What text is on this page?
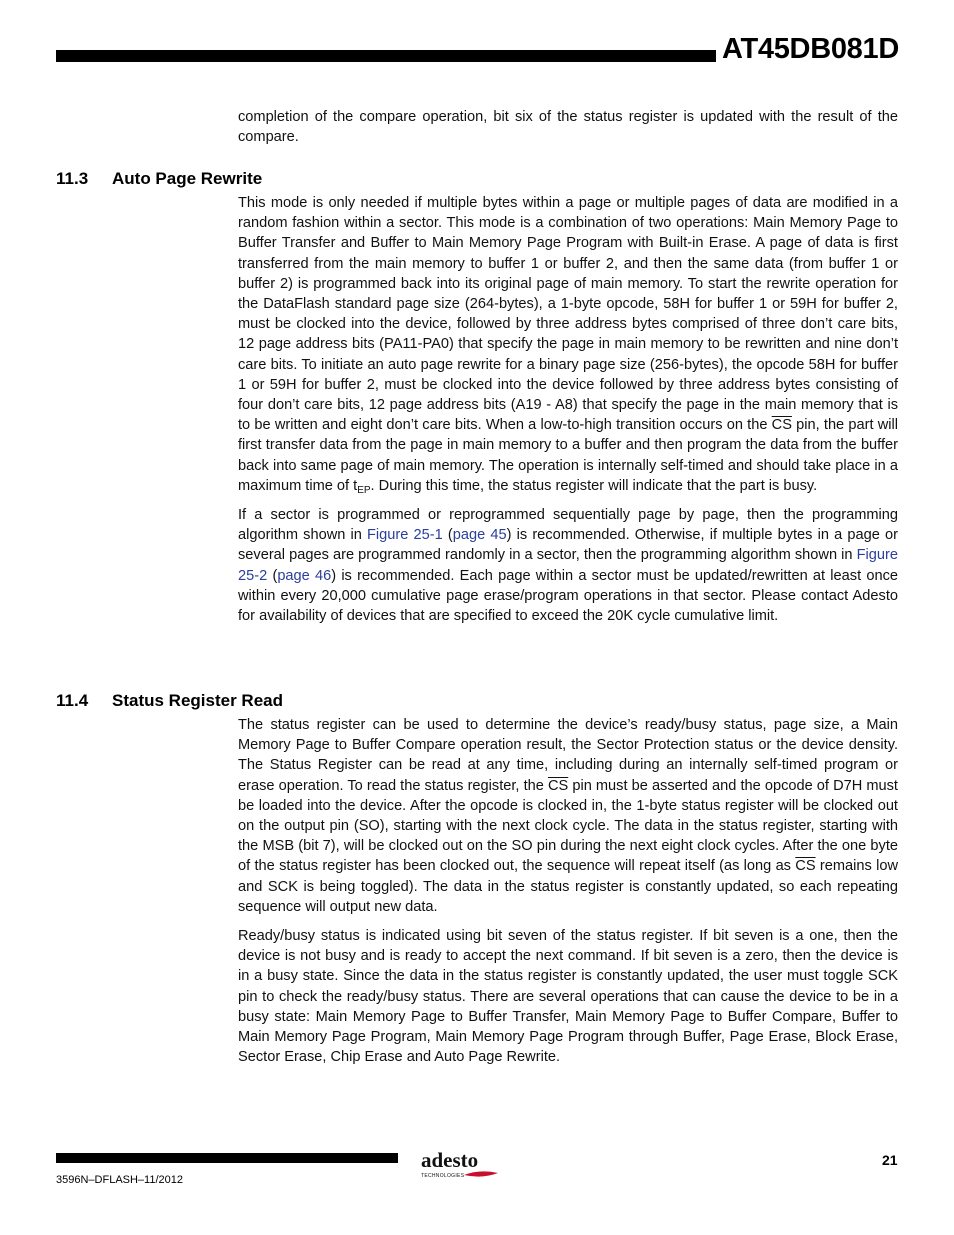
AT45DB081D

completion of the compare operation, bit six of the status register is updated with the result of the compare.

11.3 Auto Page Rewrite

This mode is only needed if multiple bytes within a page or multiple pages of data are modified in a random fashion within a sector. This mode is a combination of two operations: Main Memory Page to Buffer Transfer and Buffer to Main Memory Page Program with Built-in Erase. A page of data is first transferred from the main memory to buffer 1 or buffer 2, and then the same data (from buffer 1 or buffer 2) is programmed back into its original page of main memory. To start the rewrite operation for the DataFlash standard page size (264-bytes), a 1-byte opcode, 58H for buffer 1 or 59H for buffer 2, must be clocked into the device, followed by three address bytes comprised of three don’t care bits, 12 page address bits (PA11-PA0) that specify the page in main memory to be rewritten and nine don’t care bits. To initiate an auto page rewrite for a binary page size (256-bytes), the opcode 58H for buffer 1 or 59H for buffer 2, must be clocked into the device followed by three address bytes consisting of four don’t care bits, 12 page address bits (A19 - A8) that specify the page in the main memory that is to be written and eight don’t care bits. When a low-to-high transition occurs on the $\overline{CS}$ pin, the part will first transfer data from the page in main memory to a buffer and then program the data from the buffer back into same page of main memory. The operation is internally self-timed and should take place in a maximum time of $t_{EP}$. During this time, the status register will indicate that the part is busy.

If a sector is programmed or reprogrammed sequentially page by page, then the programming algorithm shown in Figure 25-1 (page 45) is recommended. Otherwise, if multiple bytes in a page or several pages are programmed randomly in a sector, then the programming algorithm shown in Figure 25-2 (page 46) is recommended. Each page within a sector must be updated/rewritten at least once within every 20,000 cumulative page erase/program operations in that sector. Please contact Adesto for availability of devices that are specified to exceed the 20K cycle cumulative limit.

11.4 Status Register Read

The status register can be used to determine the device’s ready/busy status, page size, a Main Memory Page to Buffer Compare operation result, the Sector Protection status or the device density. The Status Register can be read at any time, including during an internally self-timed program or erase operation. To read the status register, the $\overline{CS}$ pin must be asserted and the opcode of D7H must be loaded into the device. After the opcode is clocked in, the 1-byte status register will be clocked out on the output pin (SO), starting with the next clock cycle. The data in the status register, starting with the MSB (bit 7), will be clocked out on the SO pin during the next eight clock cycles. After the one byte of the status register has been clocked out, the sequence will repeat itself (as long as $\overline{CS}$ remains low and SCK is being toggled). The data in the status register is constantly updated, so each repeating sequence will output new data.

Ready/busy status is indicated using bit seven of the status register. If bit seven is a one, then the device is not busy and is ready to accept the next command. If bit seven is a zero, then the device is in a busy state. Since the data in the status register is constantly updated, the user must toggle SCK pin to check the ready/busy status. There are several operations that can cause the device to be in a busy state: Main Memory Page to Buffer Transfer, Main Memory Page to Buffer Compare, Buffer to Main Memory Page Program, Main Memory Page Program through Buffer, Page Erase, Block Erase, Sector Erase, Chip Erase and Auto Page Rewrite.

adesto
TECHNOLOGIES
3596N–DFLASH–11/2012
21
